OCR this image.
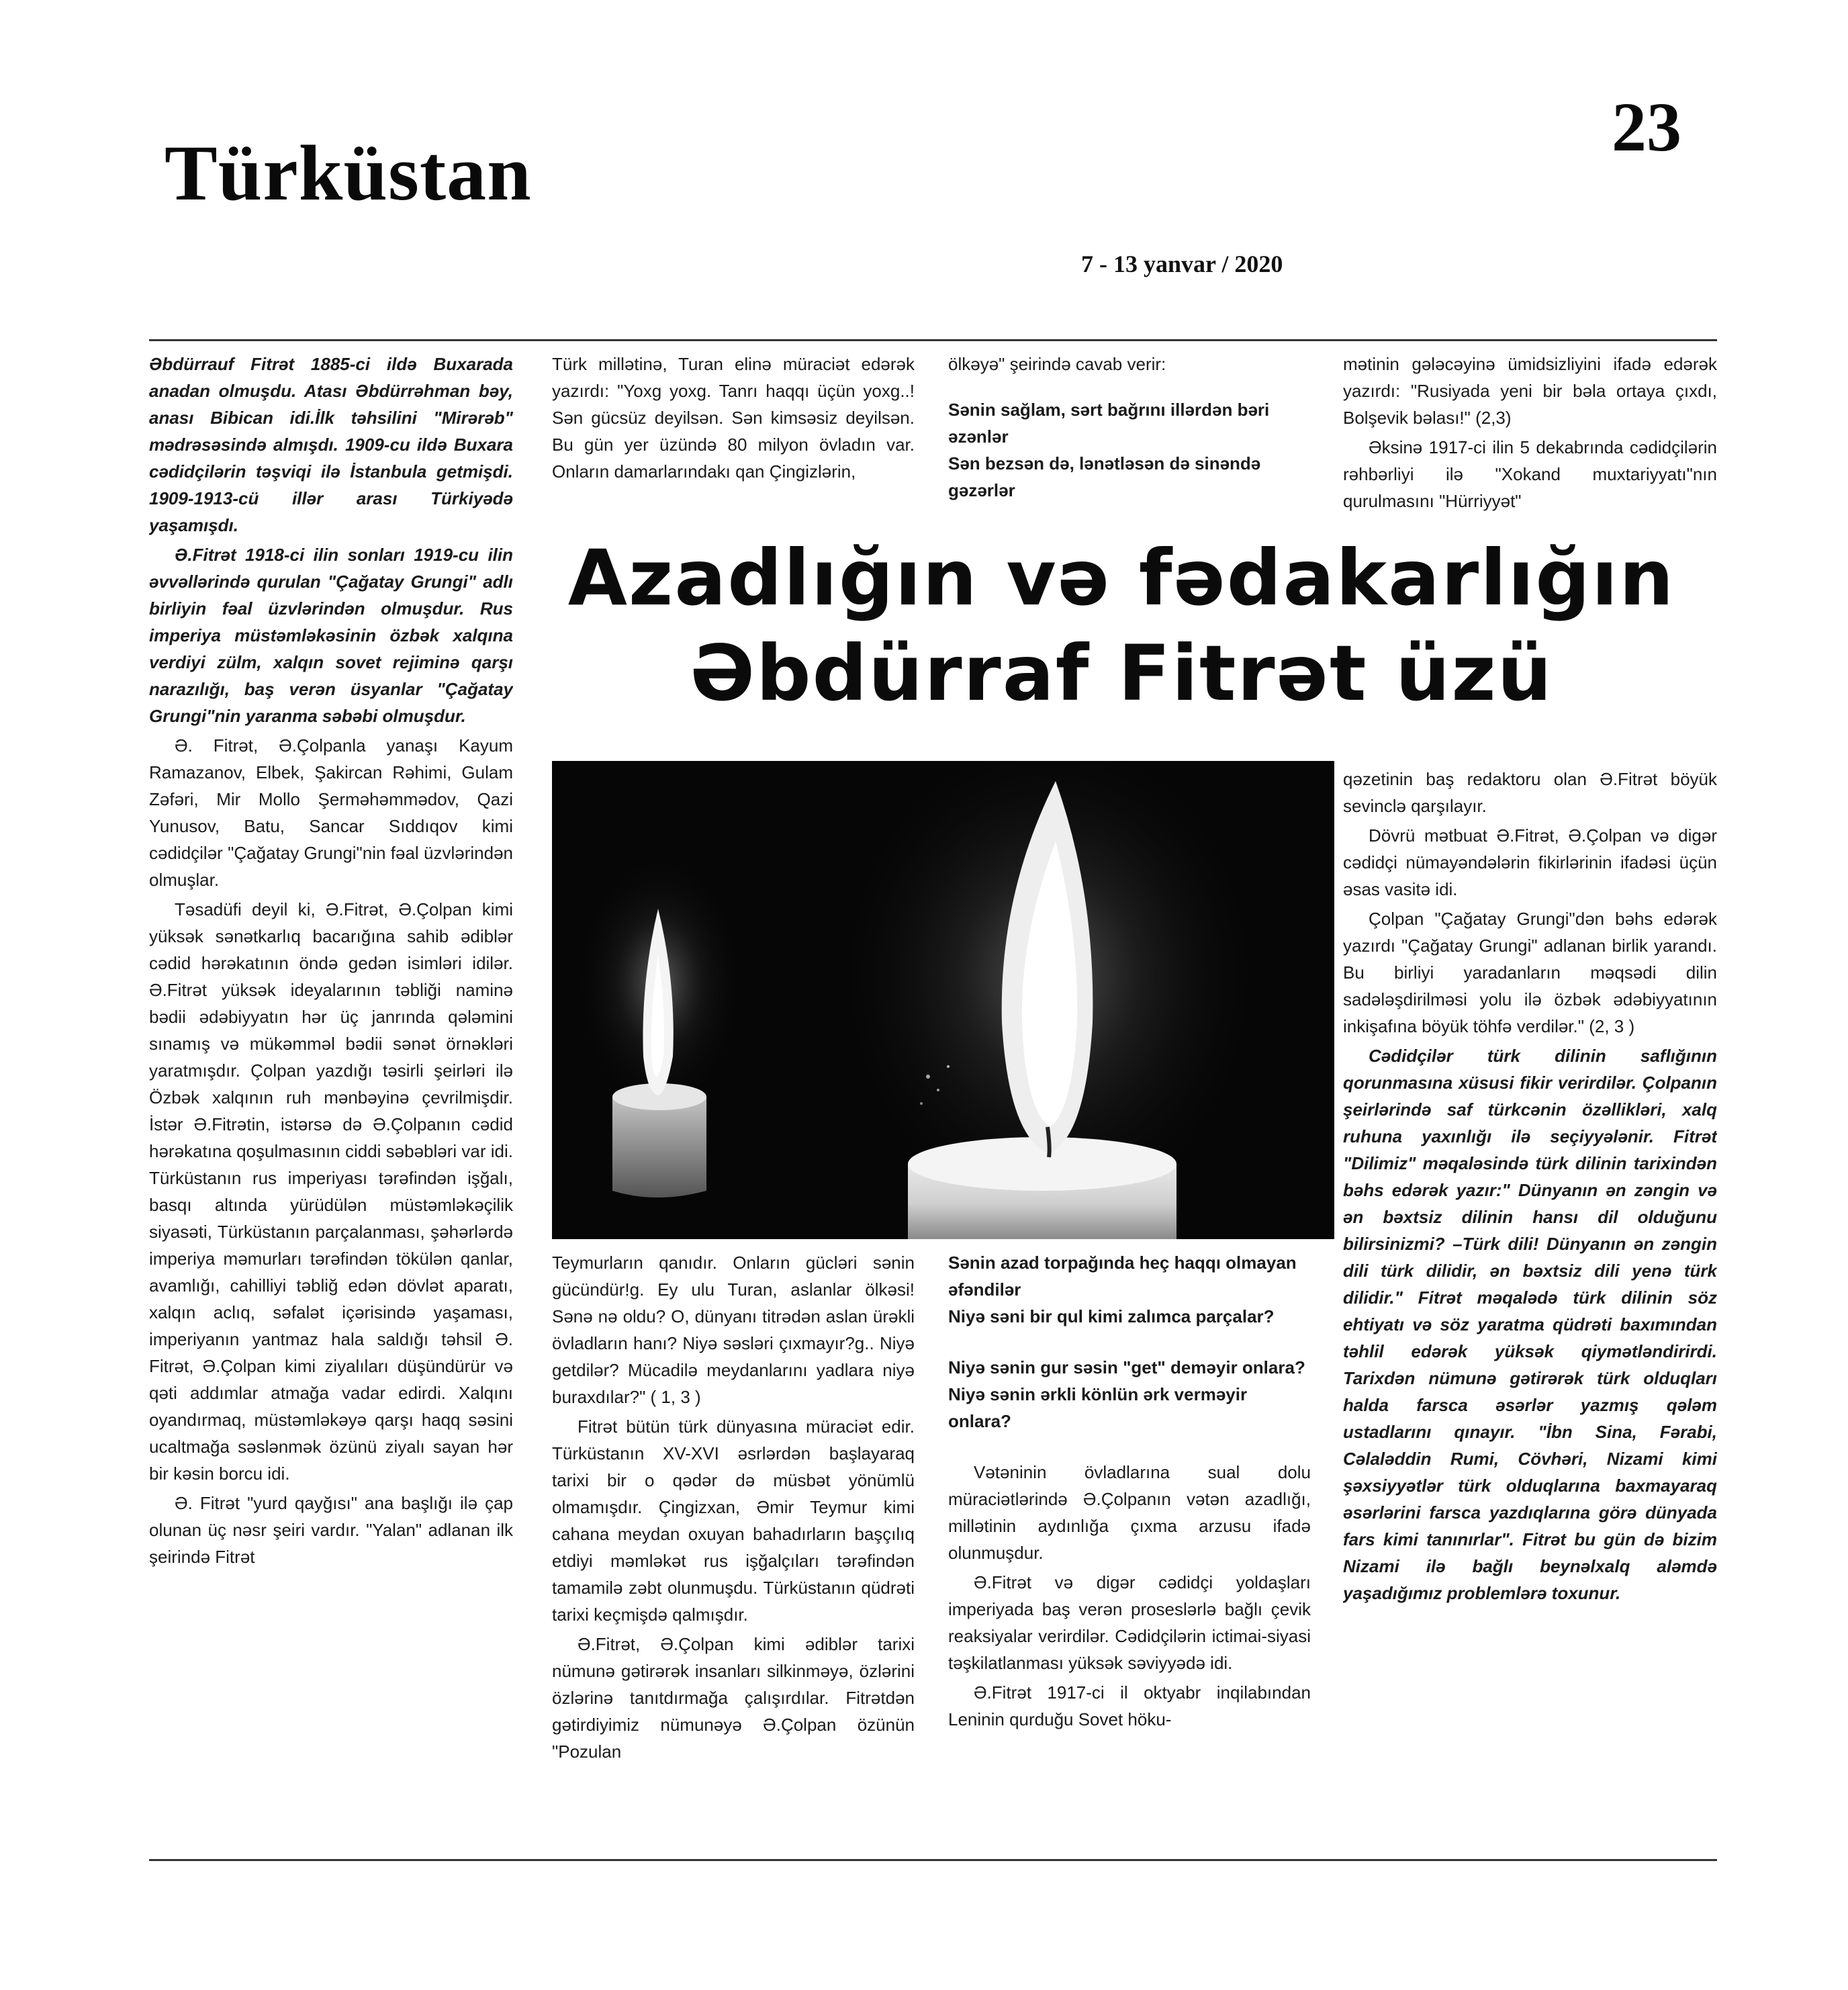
Türküstan
23
7 - 13 yanvar / 2020

Əbdürrauf Fitrət 1885-ci ildə Buxarada anadan olmuşdu. Atası Əbdürrəhman bəy, anası Bibican idi.İlk təhsilini "Mirərəb" mədrəsəsində almışdı. 1909-cu ildə Buxara cədidçilərin təşviqi ilə İstanbula getmişdi. 1909-1913-cü illər arası Türkiyədə yaşamışdı.

Ə.Fitrət 1918-ci ilin sonları 1919-cu ilin əvvəllərində qurulan "Çağatay Grungi" adlı birliyin fəal üzvlərindən olmuşdur. Rus imperiya müstəmləkəsinin özbək xalqına verdiyi zülm, xalqın sovet rejiminə qarşı narazılığı, baş verən üsyanlar "Çağatay Grungi"nin yaranma səbəbi olmuşdur.

Ə. Fitrət, Ə.Çolpanla yanaşı Kayum Ramazanov, Elbek, Şakircan Rəhimi, Gulam Zəfəri, Mir Mollo Şerməhəmmədov, Qazi Yunusov, Batu, Sancar Sıddıqov kimi cədidçilər "Çağatay Grungi"nin fəal üzvlərindən olmuşlar.

Təsadüfi deyil ki, Ə.Fitrət, Ə.Çolpan kimi yüksək sənətkarlıq bacarığına sahib ədiblər cədid hərəkatının öndə gedən isimləri idilər. Ə.Fitrət yüksək ideyalarının təbliği naminə bədii ədəbiyyatın hər üç janrında qələmini sınamış və mükəmməl bədii sənət örnəkləri yaratmışdır. Çolpan yazdığı təsirli şeirləri ilə Özbək xalqının ruh mənbəyinə çevrilmişdir. İstər Ə.Fitrətin, istərsə də Ə.Çolpanın cədid hərəkatına qoşulmasının ciddi səbəbləri var idi. Türküstanın rus imperiyası tərəfindən işğalı, basqı altında yürüdülən müstəmləkəçilik siyasəti, Türküstanın parçalanması, şəhərlərdə imperiya məmurları tərəfindən tökülən qanlar, avamlığı, cahilliyi təbliğ edən dövlət aparatı, xalqın aclıq, səfalət içərisində yaşaması, imperiyanın yantmaz hala saldığı təhsil Ə. Fitrət, Ə.Çolpan kimi ziyalıları düşündürür və qəti addımlar atmağa vadar edirdi. Xalqını oyandırmaq, müstəmləkəyə qarşı haqq səsini ucaltmağa səslənmək özünü ziyalı sayan hər bir kəsin borcu idi.

Ə. Fitrət "yurd qayğısı" ana başlığı ilə çap olunan üç nəsr şeiri vardır. "Yalan" adlanan ilk şeirində Fitrət

Türk millətinə, Turan elinə müraciət edərək yazırdı: "Yoxg yoxg. Tanrı haqqı üçün yoxg..! Sən gücsüz deyilsən. Sən kimsəsiz deyilsən. Bu gün yer üzündə 80 milyon övladın var. Onların damarlarındakı qan Çingizlərin,

ölkəyə" şeirində cavab verir:

Sənin sağlam, sərt bağrını illərdən bəri əzənlər

Sən bezsən də, lənətləsən də sinəndə gəzərlər

mətinin gələcəyinə ümidsizliyini ifadə edərək yazırdı: "Rusiyada yeni bir bəla ortaya çıxdı, Bolşevik bəlası!" (2,3)

Əksinə 1917-ci ilin 5 dekabrında cədidçilərin rəhbərliyi ilə "Xokand muxtariyyatı"nın qurulmasını "Hürriyyət"

Azadlığın və fədakarlığın
Əbdürraf Fitrət üzü

qəzetinin baş redaktoru olan Ə.Fitrət böyük sevinclə qarşılayır.

Dövrü mətbuat Ə.Fitrət, Ə.Çolpan və digər cədidçi nümayəndələrin fikirlərinin ifadəsi üçün əsas vasitə idi.

Çolpan "Çağatay Grungi"dən bəhs edərək yazırdı "Çağatay Grungi" adlanan birlik yarandı. Bu birliyi yaradanların məqsədi dilin sadələşdirilməsi yolu ilə özbək ədəbiyyatının inkişafına böyük töhfə verdilər." (2, 3 )

Cədidçilər türk dilinin saflığının qorunmasına xüsusi fikir verirdilər. Çolpanın şeirlərində saf türkcənin özəllikləri, xalq ruhuna yaxınlığı ilə seçiyyələnir. Fitrət "Dilimiz" məqaləsində türk dilinin tarixindən bəhs edərək yazır:" Dünyanın ən zəngin və ən bəxtsiz dilinin hansı dil olduğunu bilirsinizmi? –Türk dili! Dünyanın ən zəngin dili türk dilidir, ən bəxtsiz dili yenə türk dilidir." Fitrət məqalədə türk dilinin söz ehtiyatı və söz yaratma qüdrəti baxımından təhlil edərək yüksək qiymətləndirirdi. Tarixdən nümunə gətirərək türk olduqları halda farsca əsərlər yazmış qələm ustadlarını qınayır. "İbn Sina, Fərabi, Cəlaləddin Rumi, Cövhəri, Nizami kimi şəxsiyyətlər türk olduqlarına baxmayaraq əsərlərini farsca yazdıqlarına görə dünyada fars kimi tanınırlar". Fitrət bu gün də bizim Nizami ilə bağlı beynəlxalq aləmdə yaşadığımız problemlərə toxunur.

Teymurların qanıdır. Onların gücləri sənin gücündür!g. Ey ulu Turan, aslanlar ölkəsi! Sənə nə oldu? O, dünyanı titrədən aslan ürəkli övladların hanı? Niyə səsləri çıxmayır?g.. Niyə getdilər? Mücadilə meydanlarını yadlara niyə buraxdılar?" ( 1, 3 )

Fitrət bütün türk dünyasına müraciət edir. Türküstanın XV-XVI əsrlərdən başlayaraq tarixi bir o qədər də müsbət yönümlü olmamışdır. Çingizxan, Əmir Teymur kimi cahana meydan oxuyan bahadırların başçılıq etdiyi məmləkət rus işğalçıları tərəfindən tamamilə zəbt olunmuşdu. Türküstanın qüdrəti tarixi keçmişdə qalmışdır.

Ə.Fitrət, Ə.Çolpan kimi ədiblər tarixi nümunə gətirərək insanları silkinməyə, özlərini özlərinə tanıtdırmağa çalışırdılar. Fitrətdən gətirdiyimiz nümunəyə Ə.Çolpan özünün "Pozulan

Sənin azad torpağında heç haqqı olmayan əfəndilər

Niyə səni bir qul kimi zalımca parçalar?

Niyə sənin gur səsin "get" deməyir onlara?

Niyə sənin ərkli könlün ərk verməyir onlara?

Vətəninin övladlarına sual dolu müraciətlərində Ə.Çolpanın vətən azadlığı, millətinin aydınlığa çıxma arzusu ifadə olunmuşdur.

Ə.Fitrət və digər cədidçi yoldaşları imperiyada baş verən proseslərlə bağlı çevik reaksiyalar verirdilər. Cədidçilərin ictimai-siyasi təşkilatlanması yüksək səviyyədə idi.

Ə.Fitrət 1917-ci il oktyabr inqilabından Leninin qurduğu Sovet höku-
